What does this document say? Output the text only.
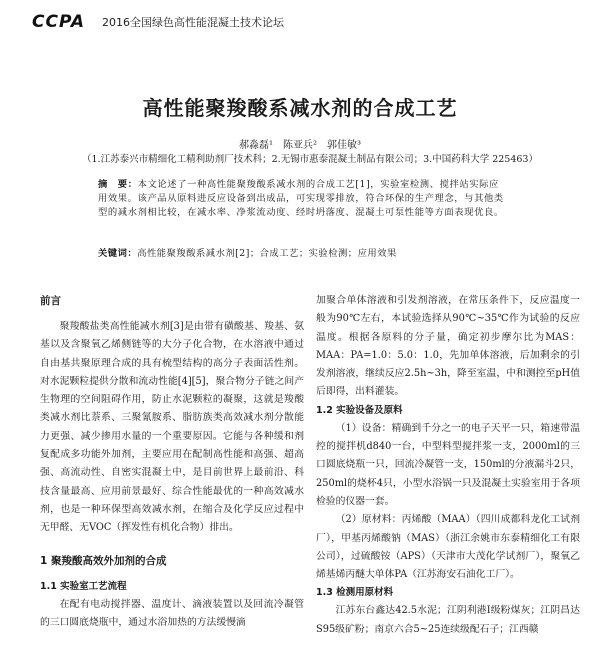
CCPA 2016全国绿色高性能混凝土技术论坛
高性能聚羧酸系减水剂的合成工艺
郝淼磊¹　陈亚兵²　郭佳敏³
（1.江苏泰兴市精细化工精利助剂厂技术科；2.无锡市惠泰混凝土制品有限公司；3.中国药科大学 225463）
摘　要：本文论述了一种高性能聚羧酸系减水剂的合成工艺[1]，实验室检测、搅拌站实际应用效果。该产品从原料进反应设备到出成品，可实现零排放，符合环保的生产理念，与其他类型的减水剂相比较，在减水率、净浆流动度、经时坍落度、混凝土可泵性能等方面表现优良。
关键词：高性能聚羧酸系减水剂[2]；合成工艺；实验检测；应用效果

前言

聚羧酸盐类高性能减水剂[3]是由带有磺酸基、羧基、氨基以及含聚氧乙烯侧链等的大分子化合物，在水溶液中通过自由基共聚原理合成的具有梳型结构的高分子表面活性剂。对水泥颗粒提供分散和流动性能[4][5]，聚合物分子链之间产生物理的空间阻碍作用，防止水泥颗粒的凝聚，这就是羧酸类减水剂比萘系、三聚氰胺系、脂肪族类高效减水剂分散能力更强、减少掺用水量的一个重要原因。它能与各种缓和剂复配成多功能外加剂，主要应用在配制高性能和高强、超高强、高流动性、自密实混凝土中，是目前世界上最前沿、科技含量最高、应用前景最好、综合性能最优的一种高效减水剂，也是一种环保型高效减水剂，在缩合及化学反应过程中无甲醛、无VOC（挥发性有机化合物）排出。

1 聚羧酸高效外加剂的合成

1.1 实验室工艺流程

在配有电动搅拌器、温度计、滴液装置以及回流冷凝管的三口圆底烧瓶中，通过水浴加热的方法缓慢滴

加聚合单体溶液和引发剂溶液，在常压条件下，反应温度一般为90℃左右，本试验选择从90℃~35℃作为试验的反应温度。根据各原料的分子量，确定初步摩尔比为MAS：MAA：PA=1.0：5.0：1.0，先加单体溶液，后加剩余的引发剂溶液，继续反应2.5h~3h，降至室温，中和测控至pH值后即得，出料灌装。

1.2 实验设备及原料

（1）设备：精确到千分之一的电子天平一只，箱速带温控的搅拌机d840一台，中型料型搅拌浆一支，2000ml的三口圆底烧瓶一只，回流冷凝管一支，150ml的分液漏斗2只，250ml的烧杯4只，小型水浴锅一只及混凝土实验室用于各项检验的仪器一套。

（2）原材料：丙烯酸（MAA）（四川成都科龙化工试剂厂），甲基丙烯酸钠（MAS）（浙江余姚市东泰精细化工有限公司），过硫酸铵（APS）（天津市大茂化学试剂厂），聚氧乙烯基烯丙醚大单体PA（江苏海安石油化工厂）。

1.3 检测用原材料

江苏东台鑫达42.5水泥；江阴利港I级粉煤灰；江阴昌达S95级矿粉；南京六合5~25连续级配石子；江西赣
